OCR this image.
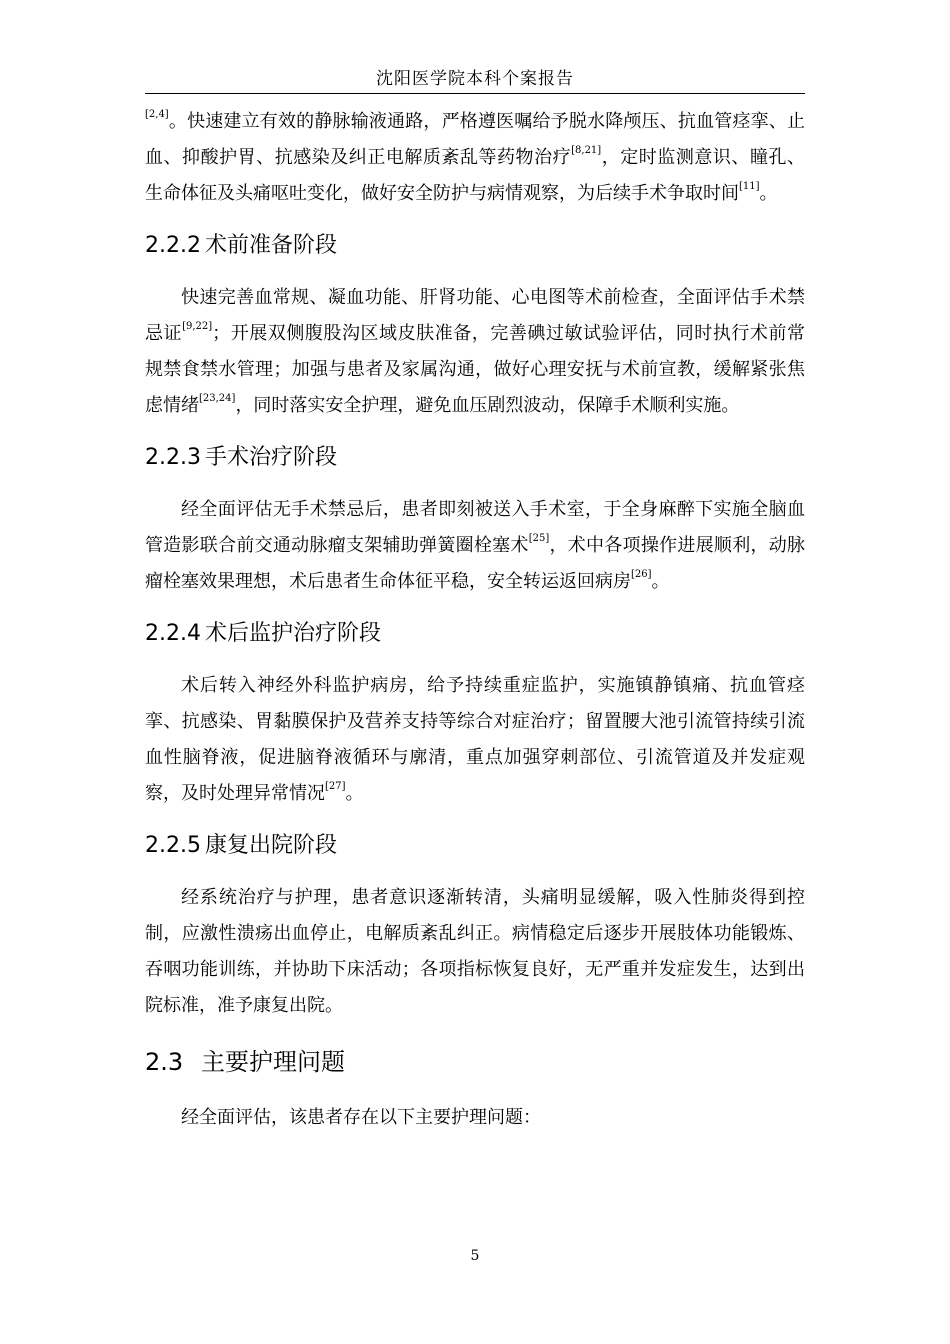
沈阳医学院本科个案报告

[2,4]。快速建立有效的静脉输液通路，严格遵医嘱给予脱水降颅压、抗血管痉挛、止血、抑酸护胃、抗感染及纠正电解质紊乱等药物治疗[8,21]，定时监测意识、瞳孔、生命体征及头痛呕吐变化，做好安全防护与病情观察，为后续手术争取时间[11]。

2.2.2 术前准备阶段

快速完善血常规、凝血功能、肝肾功能、心电图等术前检查，全面评估手术禁忌证[9,22]；开展双侧腹股沟区域皮肤准备，完善碘过敏试验评估，同时执行术前常规禁食禁水管理；加强与患者及家属沟通，做好心理安抚与术前宣教，缓解紧张焦虑情绪[23,24]，同时落实安全护理，避免血压剧烈波动，保障手术顺利实施。

2.2.3 手术治疗阶段

经全面评估无手术禁忌后，患者即刻被送入手术室，于全身麻醉下实施全脑血管造影联合前交通动脉瘤支架辅助弹簧圈栓塞术[25]，术中各项操作进展顺利，动脉瘤栓塞效果理想，术后患者生命体征平稳，安全转运返回病房[26]。

2.2.4 术后监护治疗阶段

术后转入神经外科监护病房，给予持续重症监护，实施镇静镇痛、抗血管痉挛、抗感染、胃黏膜保护及营养支持等综合对症治疗；留置腰大池引流管持续引流血性脑脊液，促进脑脊液循环与廓清，重点加强穿刺部位、引流管道及并发症观察，及时处理异常情况[27]。

2.2.5 康复出院阶段

经系统治疗与护理，患者意识逐渐转清，头痛明显缓解，吸入性肺炎得到控制，应激性溃疡出血停止，电解质紊乱纠正。病情稳定后逐步开展肢体功能锻炼、吞咽功能训练，并协助下床活动；各项指标恢复良好，无严重并发症发生，达到出院标准，准予康复出院。

2.3 主要护理问题

经全面评估，该患者存在以下主要护理问题：

5
